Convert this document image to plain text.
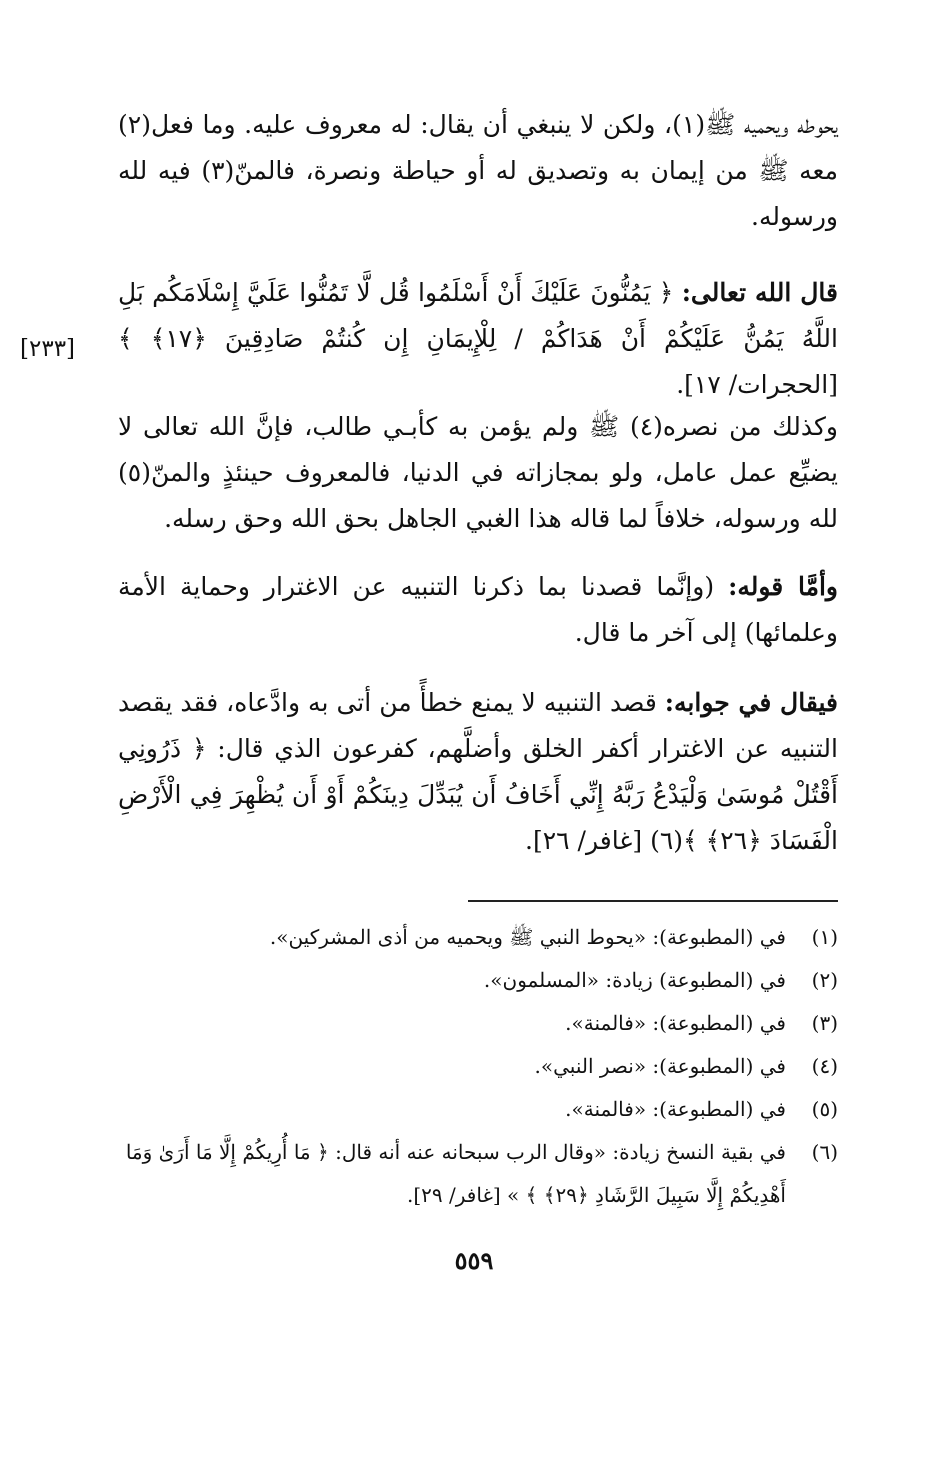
يحوطه ويحميه ﷺ(١)، ولكن لا ينبغي أن يقال: له معروف عليه. وما فعل(٢) معه ﷺ من إيمان به وتصديق له أو حياطة ونصرة، فالمنّ(٣) فيه لله ورسوله.
قال الله تعالى: ﴿ يَمُنُّونَ عَلَيْكَ أَنْ أَسْلَمُوا قُل لَّا تَمُنُّوا عَلَيَّ إِسْلَامَكُم بَلِ اللَّهُ يَمُنُّ عَلَيْكُمْ أَنْ هَدَاكُمْ / لِلْإِيمَانِ إِن كُنتُمْ صَادِقِينَ ﴿١٧﴾ ﴾ [الحجرات/ ١٧].
[٢٣٣]
وكذلك من نصره(٤) ﷺ ولم يؤمن به كأبـي طالب، فإنَّ الله تعالى لا يضيِّع عمل عامل، ولو بمجازاته في الدنيا، فالمعروف حينئذٍ والمنّ(٥) لله ورسوله، خلافاً لما قاله هذا الغبي الجاهل بحق الله وحق رسله.
وأمَّا قوله: (وإنَّما قصدنا بما ذكرنا التنبيه عن الاغترار وحماية الأمة وعلمائها) إلى آخر ما قال.
فيقال في جوابه: قصد التنبيه لا يمنع خطأً من أتى به وادَّعاه، فقد يقصد التنبيه عن الاغترار أكفر الخلق وأضلَّهم، كفرعون الذي قال: ﴿ ذَرُونِي أَقْتُلْ مُوسَىٰ وَلْيَدْعُ رَبَّهُ إِنِّي أَخَافُ أَن يُبَدِّلَ دِينَكُمْ أَوْ أَن يُظْهِرَ فِي الْأَرْضِ الْفَسَادَ ﴿٢٦﴾ ﴾(٦) [غافر/ ٢٦].
(١)
في (المطبوعة): «يحوط النبي ﷺ ويحميه من أذى المشركين».
(٢)
في (المطبوعة) زيادة: «المسلمون».
(٣)
في (المطبوعة): «فالمنة».
(٤)
في (المطبوعة): «نصر النبي».
(٥)
في (المطبوعة): «فالمنة».
(٦)
في بقية النسخ زيادة: «وقال الرب سبحانه عنه أنه قال: ﴿ مَا أُرِيكُمْ إِلَّا مَا أَرَىٰ وَمَا أَهْدِيكُمْ إِلَّا سَبِيلَ الرَّشَادِ ﴿٢٩﴾ ﴾ » [غافر/ ٢٩].
٥٥٩
